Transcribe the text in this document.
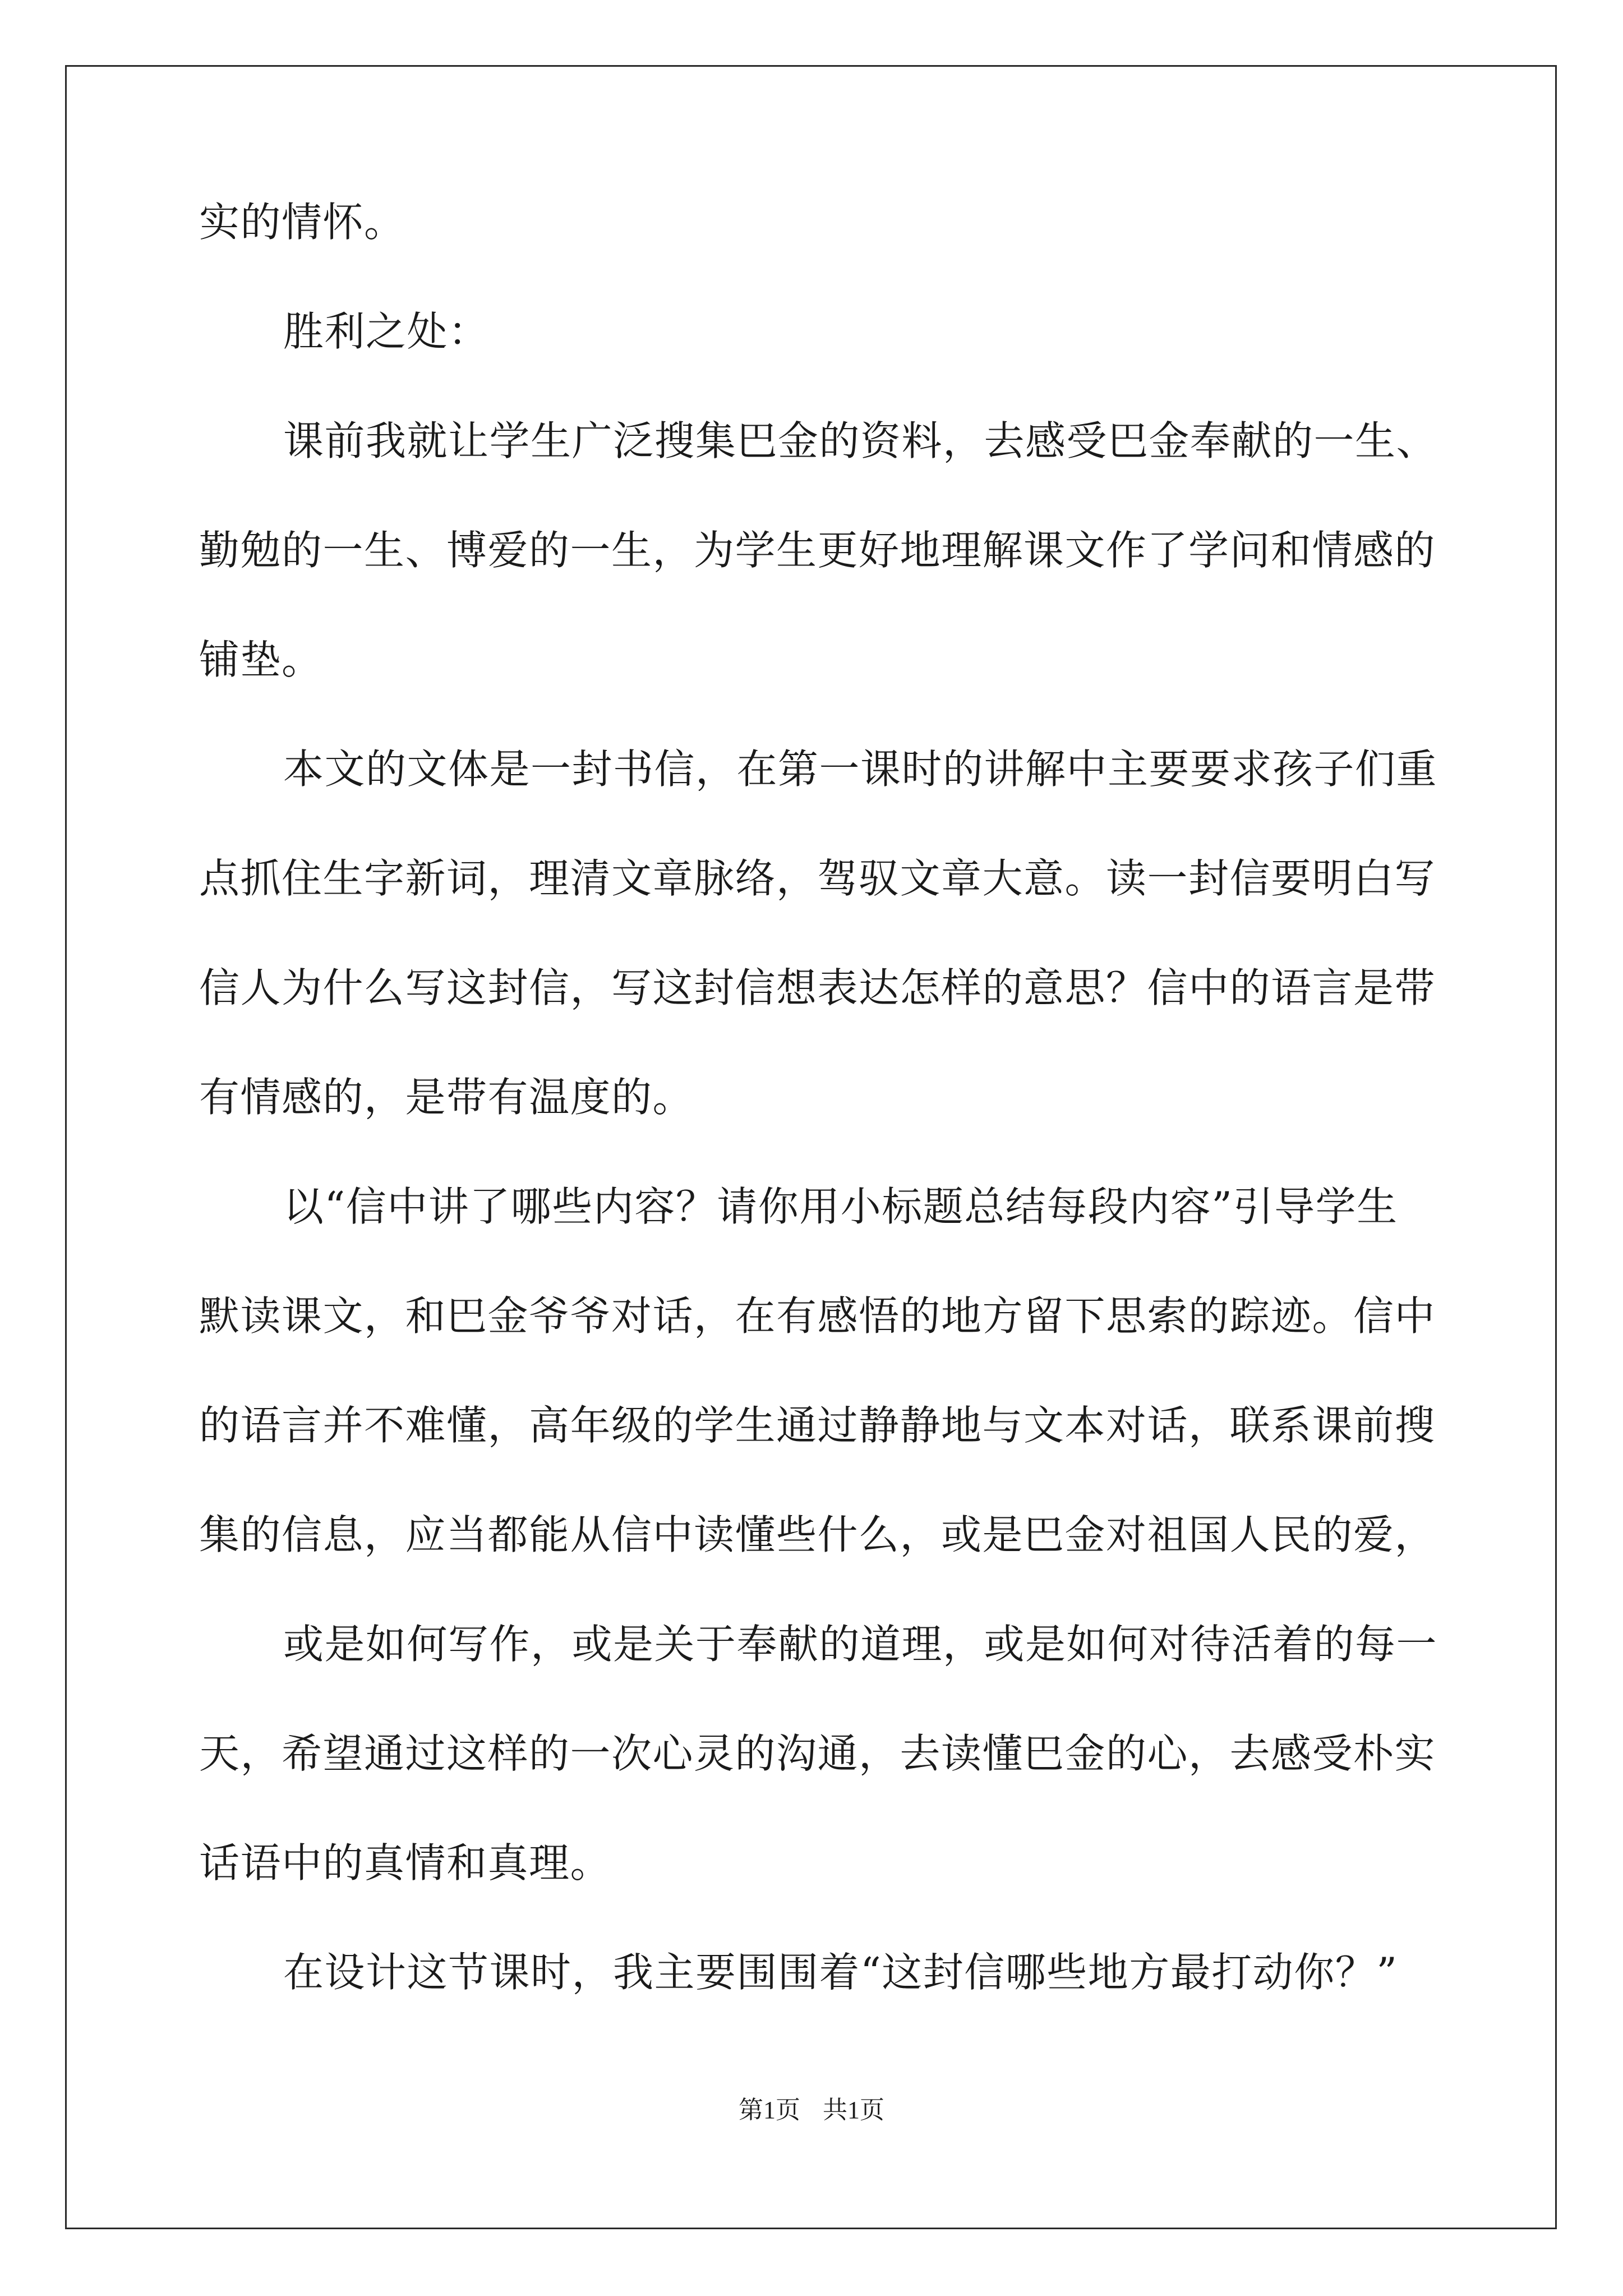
实的情怀。
胜利之处：
课前我就让学生广泛搜集巴金的资料，去感受巴金奉献的一生、
勤勉的一生、博爱的一生，为学生更好地理解课文作了学问和情感的
铺垫。
本文的文体是一封书信，在第一课时的讲解中主要要求孩子们重
点抓住生字新词，理清文章脉络，驾驭文章大意。读一封信要明白写
信人为什么写这封信，写这封信想表达怎样的意思？信中的语言是带
有情感的，是带有温度的。
以“信中讲了哪些内容？请你用小标题总结每段内容”引导学生
默读课文，和巴金爷爷对话，在有感悟的地方留下思索的踪迹。信中
的语言并不难懂，高年级的学生通过静静地与文本对话，联系课前搜
集的信息，应当都能从信中读懂些什么，或是巴金对祖国人民的爱，
或是如何写作，或是关于奉献的道理，或是如何对待活着的每一
天，希望通过这样的一次心灵的沟通，去读懂巴金的心，去感受朴实
话语中的真情和真理。
在设计这节课时，我主要围围着“这封信哪些地方最打动你？”
第1页 共1页
